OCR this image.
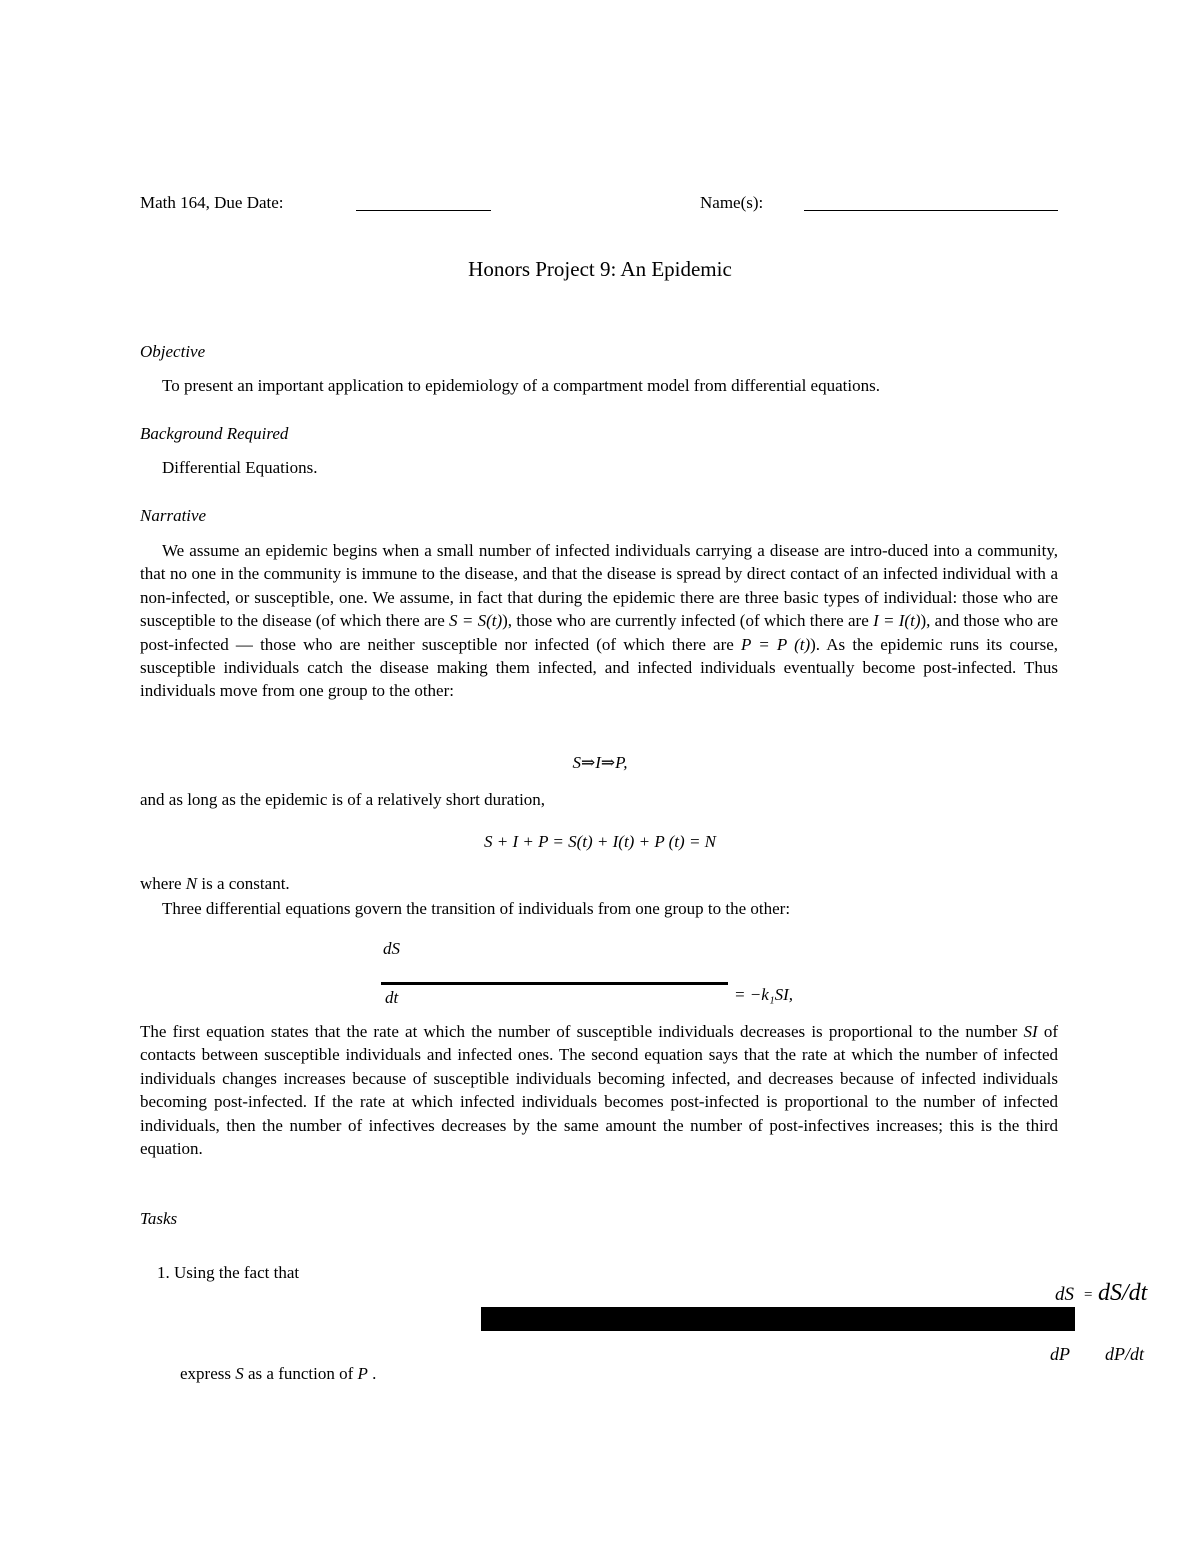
Math 164, Due Date:	Name(s):
Honors Project 9: An Epidemic
Objective
To present an important application to epidemiology of a compartment model from differential equations.
Background Required
Differential Equations.
Narrative

We assume an epidemic begins when a small number of infected individuals carrying a disease are intro-duced into a community, that no one in the community is immune to the disease, and that the disease is spread by direct contact of an infected individual with a non-infected, or susceptible, one. We assume, in fact that during the epidemic there are three basic types of individual: those who are susceptible to the disease (of which there are S = S(t)), those who are currently infected (of which there are I = I(t)), and those who are post-infected — those who are neither susceptible nor infected (of which there are P = P (t)). As the epidemic runs its course, susceptible individuals catch the disease making them infected, and infected individuals eventually become post-infected. Thus individuals move from one group to the other:

S⇒I⇒P,
and as long as the epidemic is of a relatively short duration,
S + I + P = S(t) + I(t) + P (t) = N
where N is a constant.
Three differential equations govern the transition of individuals from one group to the other:
dS
dt	= −k₁SI,

The first equation states that the rate at which the number of susceptible individuals decreases is proportional to the number SI of contacts between susceptible individuals and infected ones. The second equation says that the rate at which the number of infected individuals changes increases because of susceptible individuals becoming infected, and decreases because of infected individuals becoming post-infected. If the rate at which infected individuals becomes post-infected is proportional to the number of infected individuals, then the number of infectives decreases by the same amount the number of post-infectives increases; this is the third equation.

Tasks
1. Using the fact that
dS = dS/dt
dP dP/dt
express S as a function of P .
